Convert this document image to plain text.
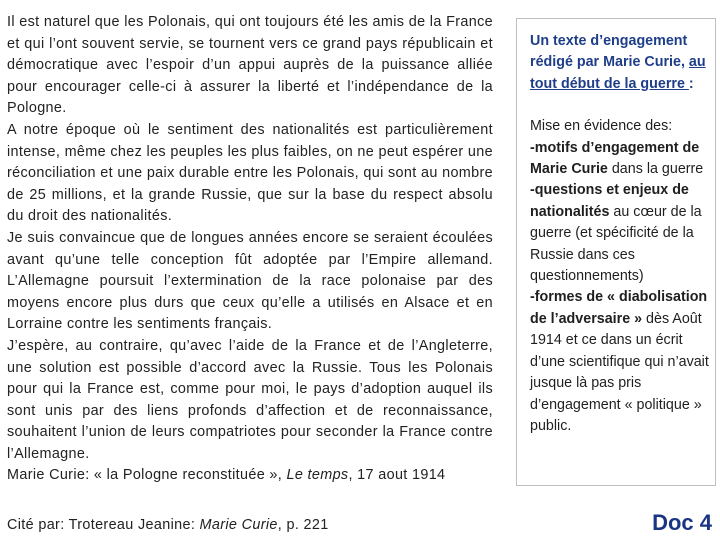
Il est naturel que les Polonais, qui ont toujours été les amis de la France et qui l’ont souvent servie, se tournent vers ce grand pays républicain et démocratique avec l’espoir d’un appui auprès de la puissance alliée pour encourager celle-ci à assurer la liberté et l’indépendance de la Pologne.

A notre époque où le sentiment des nationalités est particulièrement intense, même chez les peuples les plus faibles, on ne peut espérer une réconciliation et une paix durable entre les Polonais, qui sont au nombre de 25 millions, et la grande Russie, que sur la base du respect absolu du droit des nationalités.

Je suis convaincue que de longues années encore se seraient écoulées avant qu’une telle conception fût adoptée par l’Empire allemand. L’Allemagne poursuit l’extermination de la race polonaise par des moyens encore plus durs que ceux qu’elle a utilisés en Alsace et en Lorraine contre les sentiments français.

J’espère, au contraire, qu’avec l’aide de la France et de l’Angleterre, une solution est possible d’accord avec la Russie. Tous les Polonais pour qui la France est, comme pour moi, le pays d’adoption auquel ils sont unis par des liens profonds d’affection et de reconnaissance, souhaitent l’union de leurs compatriotes pour seconder la France contre l’Allemagne.

Marie Curie: « la Pologne reconstituée », Le temps, 17 aout 1914

Cité par: Trotereau Jeanine: Marie Curie, p. 221

Un texte d’engagement rédigé par Marie Curie, au tout début de la guerre :

Mise en évidence des:

-motifs d’engagement de Marie Curie dans la guerre

-questions et enjeux de nationalités au cœur de la guerre (et spécificité de la Russie dans ces questionnements)

-formes de « diabolisation de l’adversaire » dès Août 1914 et ce dans un écrit d’une scientifique qui n’avait jusque là pas pris d’engagement « politique » public.

Doc 4
